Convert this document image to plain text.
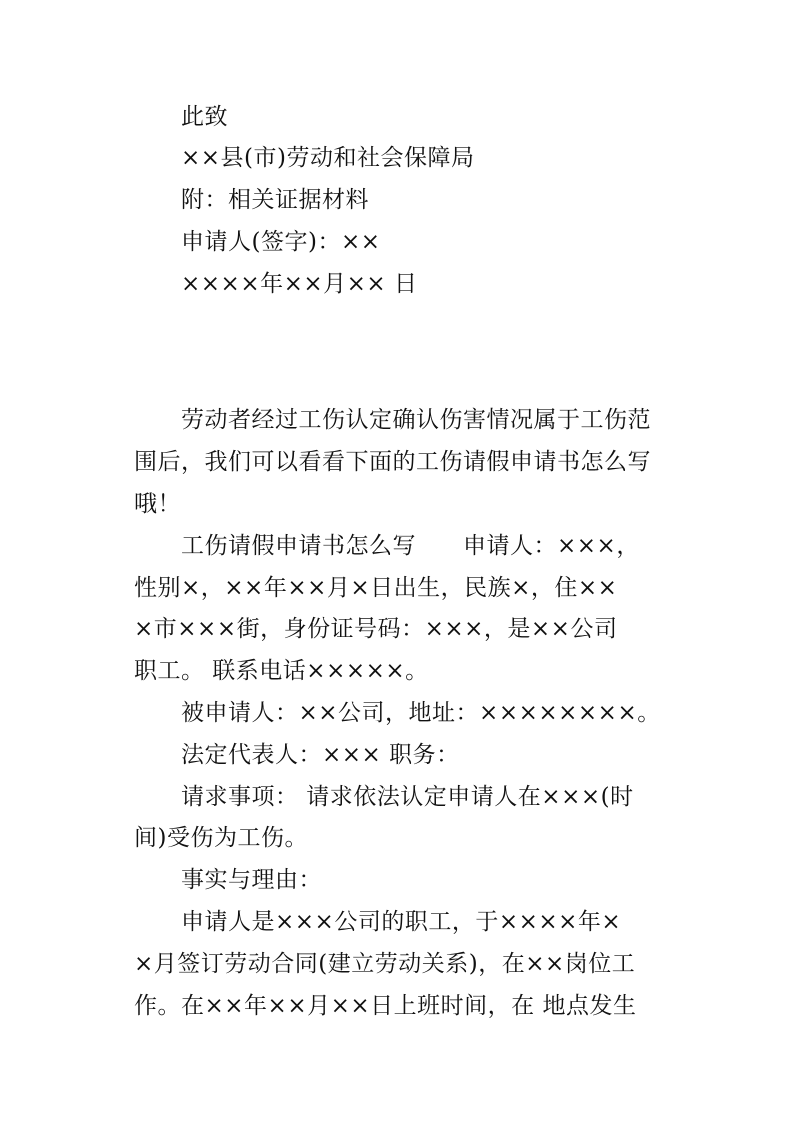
此致
××县(市)劳动和社会保障局
附：相关证据材料
申请人(签字)：××
××××年××月×× 日
劳动者经过工伤认定确认伤害情况属于工伤范
围后，我们可以看看下面的工伤请假申请书怎么写
哦！
工伤请假申请书怎么写　　申请人：×××，
性别×，××年××月×日出生，民族×，住××
×市×××街，身份证号码：×××，是××公司
职工。 联系电话×××××。
被申请人：××公司，地址：××××××××。
法定代表人：××× 职务：
请求事项： 请求依法认定申请人在×××(时
间)受伤为工伤。
事实与理由：
申请人是×××公司的职工，于××××年×
×月签订劳动合同(建立劳动关系)，在××岗位工
作。在××年××月××日上班时间，在 地点发生
